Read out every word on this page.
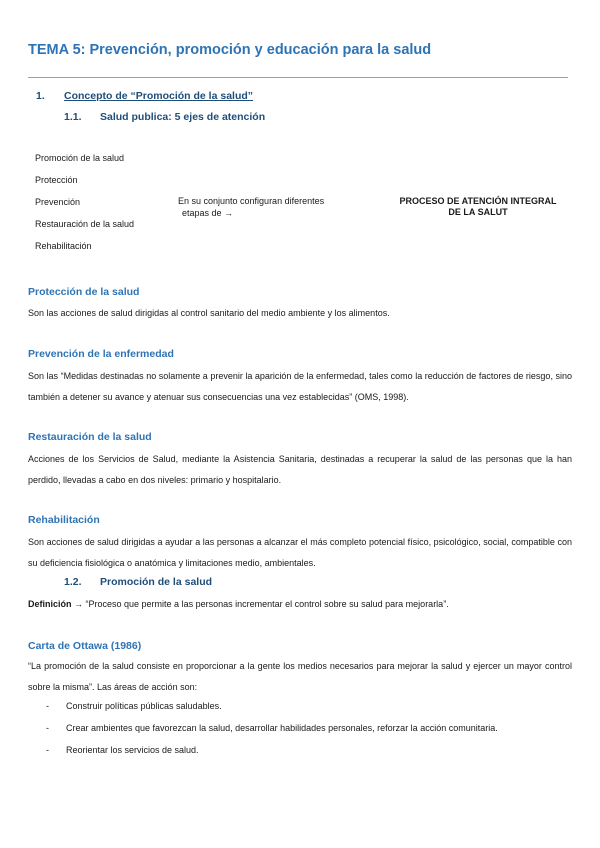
TEMA 5: Prevención, promoción y educación para la salud
1. Concepto de “Promoción de la salud”
1.1. Salud publica: 5 ejes de atención
Promoción de la salud
Protección
Prevención
Restauración de la salud
Rehabilitación
En su conjunto configuran diferentes
etapas de →
PROCESO DE ATENCIÓN INTEGRAL DE LA SALUT
Protección de la salud
Son las acciones de salud dirigidas al control sanitario del medio ambiente y los alimentos.
Prevención de la enfermedad
Son las “Medidas destinadas no solamente a prevenir la aparición de la enfermedad, tales como la reducción de factores de riesgo, sino también a detener su avance y atenuar sus consecuencias una vez establecidas” (OMS, 1998).
Restauración de la salud
Acciones de los Servicios de Salud, mediante la Asistencia Sanitaria, destinadas a recuperar la salud de las personas que la han perdido, llevadas a cabo en dos niveles: primario y hospitalario.
Rehabilitación
Son acciones de salud dirigidas a ayudar a las personas a alcanzar el más completo potencial físico, psicológico, social, compatible con su deficiencia fisiológica o anatómica y limitaciones medio, ambientales.
1.2. Promoción de la salud
Definición → “Proceso que permite a las personas incrementar el control sobre su salud para mejorarla”.
Carta de Ottawa (1986)
“La promoción de la salud consiste en proporcionar a la gente los medios necesarios para mejorar la salud y ejercer un mayor control sobre la misma”. Las áreas de acción son:
- Construir políticas públicas saludables.
- Crear ambientes que favorezcan la salud, desarrollar habilidades personales, reforzar la acción comunitaria.
- Reorientar los servicios de salud.
